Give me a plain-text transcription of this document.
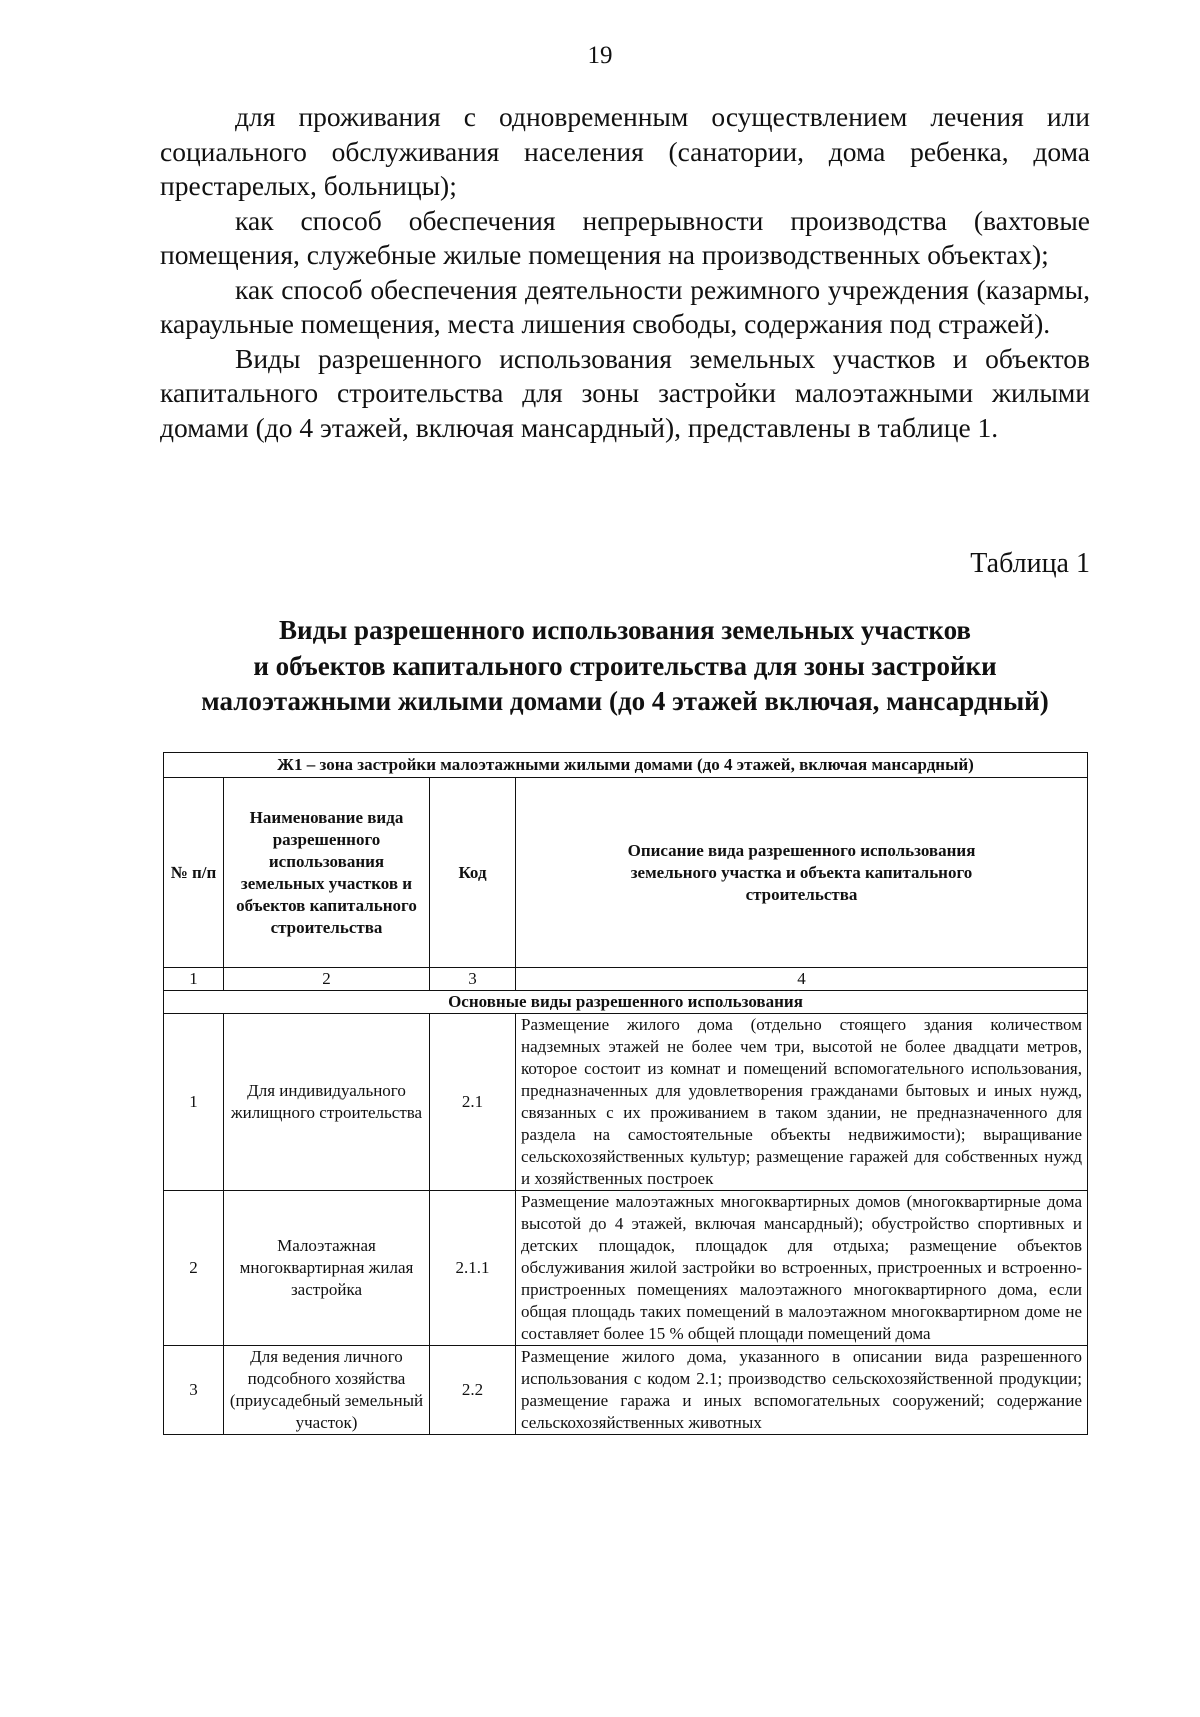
19

для проживания с одновременным осуществлением лечения или социального обслуживания населения (санатории, дома ребенка, дома престарелых, больницы);

как способ обеспечения непрерывности производства (вахтовые помещения, служебные жилые помещения на производственных объектах);

как способ обеспечения деятельности режимного учреждения (казармы, караульные помещения, места лишения свободы, содержания под стражей).

Виды разрешенного использования земельных участков и объектов капитального строительства для зоны застройки малоэтажными жилыми домами (до 4 этажей, включая мансардный), представлены в таблице 1.

Таблица 1
Виды разрешенного использования земельных участков
и объектов капитального строительства для зоны застройки
малоэтажными жилыми домами (до 4 этажей включая, мансардный)
Ж1 – зона застройки малоэтажными жилыми домами (до 4 этажей, включая мансардный)			
№ п/п	Наименование вида разрешенного использования земельных участков и объектов капитального строительства	Код	Описание вида разрешенного использования земельного участка и объекта капитального строительства
1	2	3	4
Основные виды разрешенного использования			
1	Для индивидуального жилищного строительства	2.1	Размещение жилого дома (отдельно стоящего здания количеством надземных этажей не более чем три, высотой не более двадцати метров, которое состоит из комнат и помещений вспомогательного использования, предназначенных для удовлетворения гражданами бытовых и иных нужд, связанных с их проживанием в таком здании, не предназначенного для раздела на самостоятельные объекты недвижимости); выращивание сельскохозяйственных культур; размещение гаражей для собственных нужд и хозяйственных построек
2	Малоэтажная многоквартирная жилая застройка	2.1.1	Размещение малоэтажных многоквартирных домов (многоквартирные дома высотой до 4 этажей, включая мансардный); обустройство спортивных и детских площадок, площадок для отдыха; размещение объектов обслуживания жилой застройки во встроенных, пристроенных и встроенно-пристроенных помещениях малоэтажного многоквартирного дома, если общая площадь таких помещений в малоэтажном многоквартирном доме не составляет более 15 % общей площади помещений дома
3	Для ведения личного подсобного хозяйства (приусадебный земельный участок)	2.2	Размещение жилого дома, указанного в описании вида разрешенного использования с кодом 2.1; производство сельскохозяйственной продукции; размещение гаража и иных вспомогательных сооружений; содержание сельскохозяйственных животных
